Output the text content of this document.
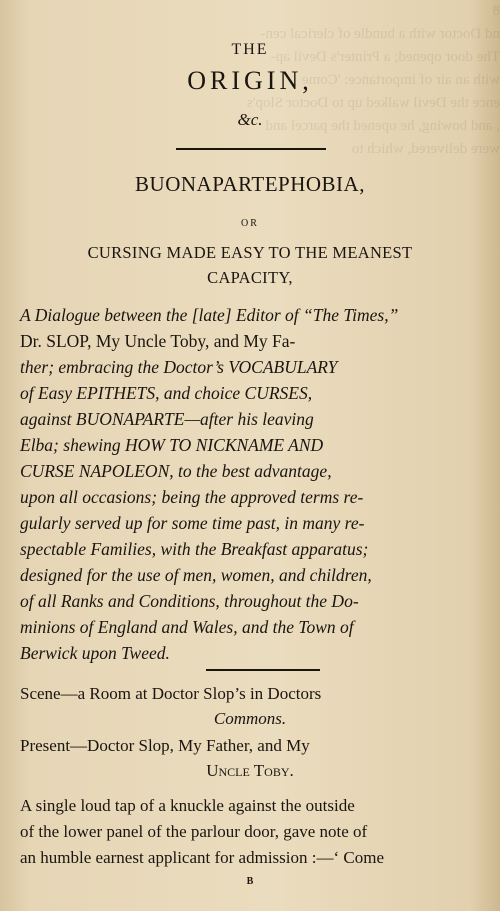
8
nd Doctor with a bundle of clerical cen-
The door opened; a Printer's Devil ap-
with an air of importance: 'Come
ence the Devil walked up to Doctor Slop's
, and bowing, he opened the parcel and
were delivered, which to
THE
ORIGIN,
&c.
BUONAPARTEPHOBIA,
OR
CURSING MADE EASY TO THE MEANEST
CAPACITY,
A Dialogue between the [late] Editor of “The Times,”
Dr. SLOP, My Uncle Toby, and My Fa-
ther; embracing the Doctor’s VOCABULARY
of Easy EPITHETS, and choice CURSES,
against BUONAPARTE—after his leaving
Elba; shewing HOW TO NICKNAME AND
CURSE NAPOLEON, to the best advantage,
upon all occasions; being the approved terms re-
gularly served up for some time past, in many re-
spectable Families, with the Breakfast apparatus;
designed for the use of men, women, and children,
of all Ranks and Conditions, throughout the Do-
minions of England and Wales, and the Town of
Berwick upon Tweed.
Scene—a Room at Doctor Slop’s in Doctors
Commons.
Present—Doctor Slop, My Father, and My
Uncle Toby.
A single loud tap of a knuckle against the outside
of the lower panel of the parlour door, gave note of
an humble earnest applicant for admission :—‘ Come
B
